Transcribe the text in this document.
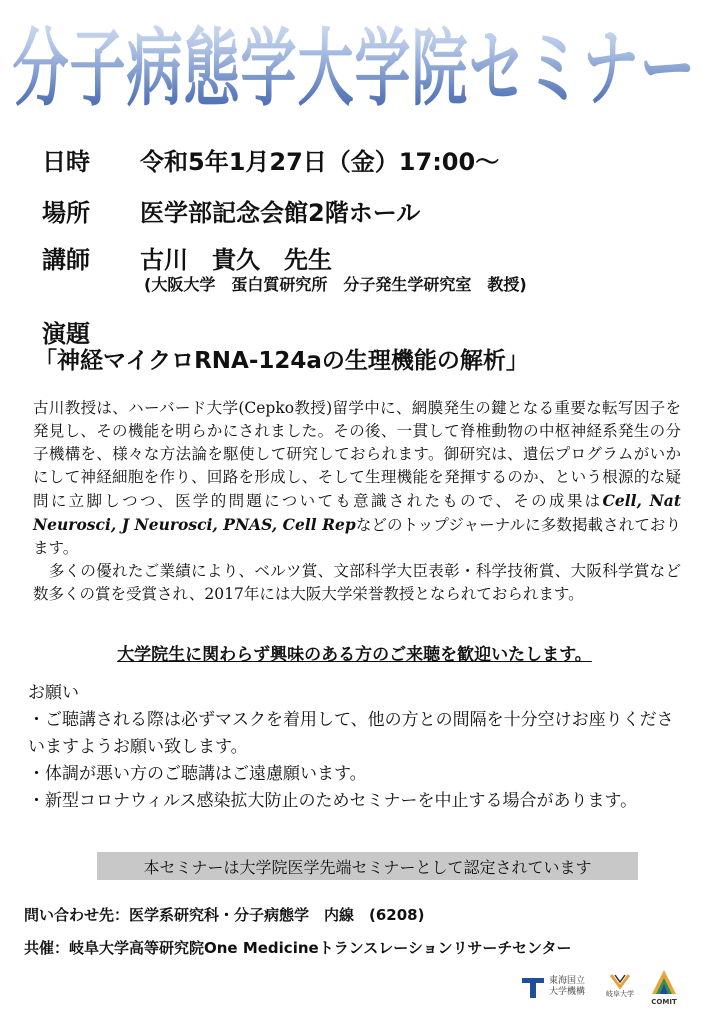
分子病態学大学院セミナー
日時 令和5年1月27日（金）17:00～
場所 医学部記念会館2階ホール
講師 古川　貴久　先生
(大阪大学　蛋白質研究所　分子発生学研究室　教授)
演題
「神経マイクロRNA-124aの生理機能の解析」

古川教授は、ハーバード大学(Cepko教授)留学中に、網膜発生の鍵となる重要な転写因子を発見し、その機能を明らかにされました。その後、一貫して脊椎動物の中枢神経系発生の分子機構を、様々な方法論を駆使して研究しておられます。御研究は、遺伝プログラムがいかにして神経細胞を作り、回路を形成し、そして生理機能を発揮するのか、という根源的な疑問に立脚しつつ、医学的問題についても意識されたもので、その成果はCell, Nat Neurosci, J Neurosci, PNAS, Cell Repなどのトップジャーナルに多数掲載されております。

　多くの優れたご業績により、ベルツ賞、文部科学大臣表彰・科学技術賞、大阪科学賞など数多くの賞を受賞され、2017年には大阪大学栄誉教授となられておられます。

大学院生に関わらず興味のある方のご来聴を歓迎いたします。
お願い
・ご聴講される際は必ずマスクを着用して、他の方との間隔を十分空けお座りくださいますようお願い致します。
・体調が悪い方のご聴講はご遠慮願います。
・新型コロナウィルス感染拡大防止のためセミナーを中止する場合があります。
本セミナーは大学院医学先端セミナーとして認定されています
問い合わせ先：医学系研究科・分子病態学　内線　(6208)
共催：岐阜大学高等研究院One Medicineトランスレーションリサーチセンター
東海国立
大学機構	岐阜大学
COMIT
